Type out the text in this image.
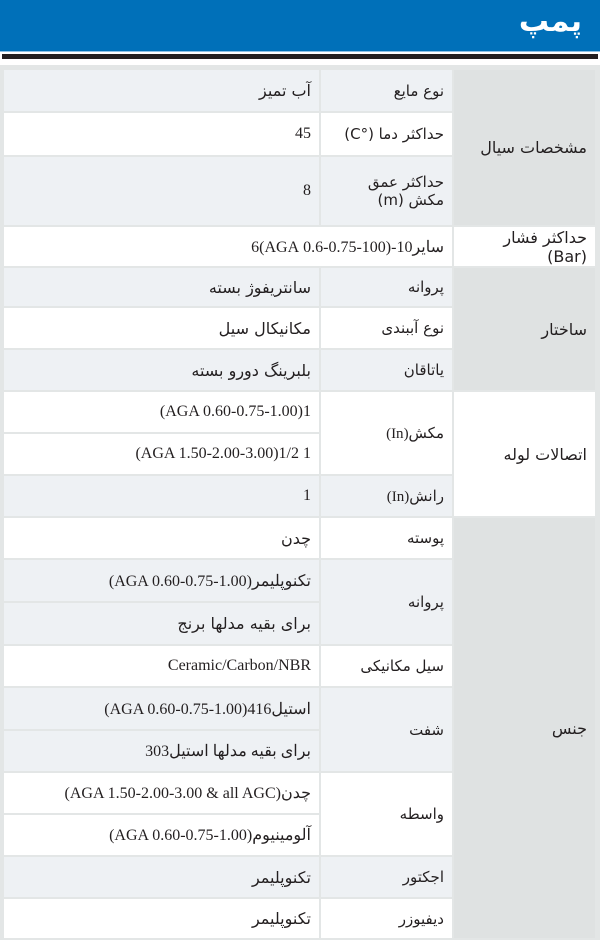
پمپ
مشخصات سیال	نوع مایع	آب تمیز
	حداکثر دما (°C)	45
	حداکثر عمق مکش (m)	8
حداکثر فشار (Bar)	سایر10-(100-0.75-0.6 AGA)6	
ساختار	پروانه	سانتریفوژ بسته
	نوع آببندی	مکانیکال سیل
	یاتاقان	بلبرینگ دورو بسته
اتصالات لوله	مکش(In)	1(AGA 0.60-0.75-1.00)
		1 1/2(AGA 1.50-2.00-3.00)
	رانش(In)	1
جنس	پوسته	چدن
	پروانه	تکنوپلیمر(AGA 0.60-0.75-1.00)
		برای بقیه مدلها برنج
	سیل مکانیکی	Ceramic/Carbon/NBR
	شفت	استیل416(AGA 0.60-0.75-1.00)
		برای بقیه مدلها استیل303
	واسطه	چدن(AGA 1.50-2.00-3.00 & all AGC)
		آلومینیوم(AGA 0.60-0.75-1.00)
	اجکتور	تکنوپلیمر
	دیفیوزر	تکنوپلیمر
